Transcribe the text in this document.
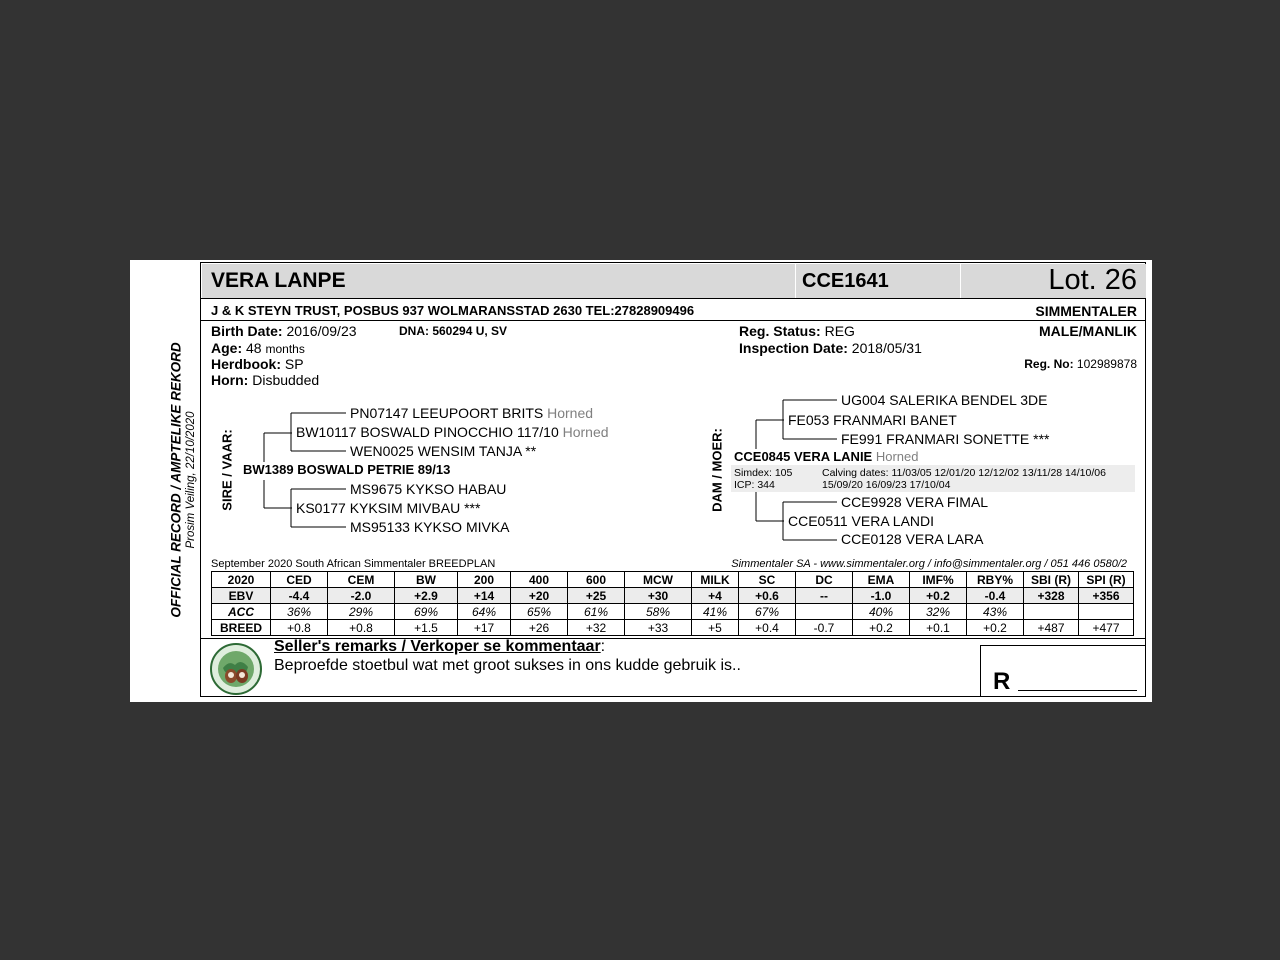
OFFICIAL RECORD / AMPTELIKE REKORD Prosim Veiling, 22/10/2020
VERA LANPE	CCE1641	Lot. 26
J & K STEYN TRUST, POSBUS 937 WOLMARANSSTAD 2630 TEL:27828909496	SIMMENTALER
Birth Date: 2016/09/23	DNA: 560294 U, SV
Age: 48 months
Herdbook: SP
Horn: Disbudded
Reg. Status: REG
Inspection Date: 2018/05/31
MALE/MANLIK
Reg. No: 102989878
SIRE / VAAR:
PN07147 LEEUPOORT BRITS Horned
BW10117 BOSWALD PINOCCHIO 117/10 Horned
WEN0025 WENSIM TANJA **
BW1389 BOSWALD PETRIE 89/13
MS9675 KYKSO HABAU
KS0177 KYKSIM MIVBAU ***
MS95133 KYKSO MIVKA
DAM / MOER:
UG004 SALERIKA BENDEL 3DE
FE053 FRANMARI BANET
FE991 FRANMARI SONETTE ***
CCE0845 VERA LANIE Horned
Simdex: 105
ICP: 344
Calving dates: 11/03/05 12/01/20 12/12/02 13/11/28 14/10/06
15/09/20 16/09/23 17/10/04
CCE9928 VERA FIMAL
CCE0511 VERA LANDI
CCE0128 VERA LARA
September 2020 South African Simmentaler BREEDPLAN	Simmentaler SA - www.simmentaler.org / info@simmentaler.org / 051 446 0580/2
2020	CED	CEM	BW	200	400	600	MCW	MILK	SC	DC	EMA	IMF%	RBY%	SBI (R)	SPI (R)
EBV	-4.4	-2.0	+2.9	+14	+20	+25	+30	+4	+0.6	--	-1.0	+0.2	-0.4	+328	+356
ACC	36%	29%	69%	64%	65%	61%	58%	41%	67%		40%	32%	43%		
BREED	+0.8	+0.8	+1.5	+17	+26	+32	+33	+5	+0.4	-0.7	+0.2	+0.1	+0.2	+487	+477
Seller's remarks / Verkoper se kommentaar:
Beproefde stoetbul wat met groot sukses in ons kudde gebruik is..
R
